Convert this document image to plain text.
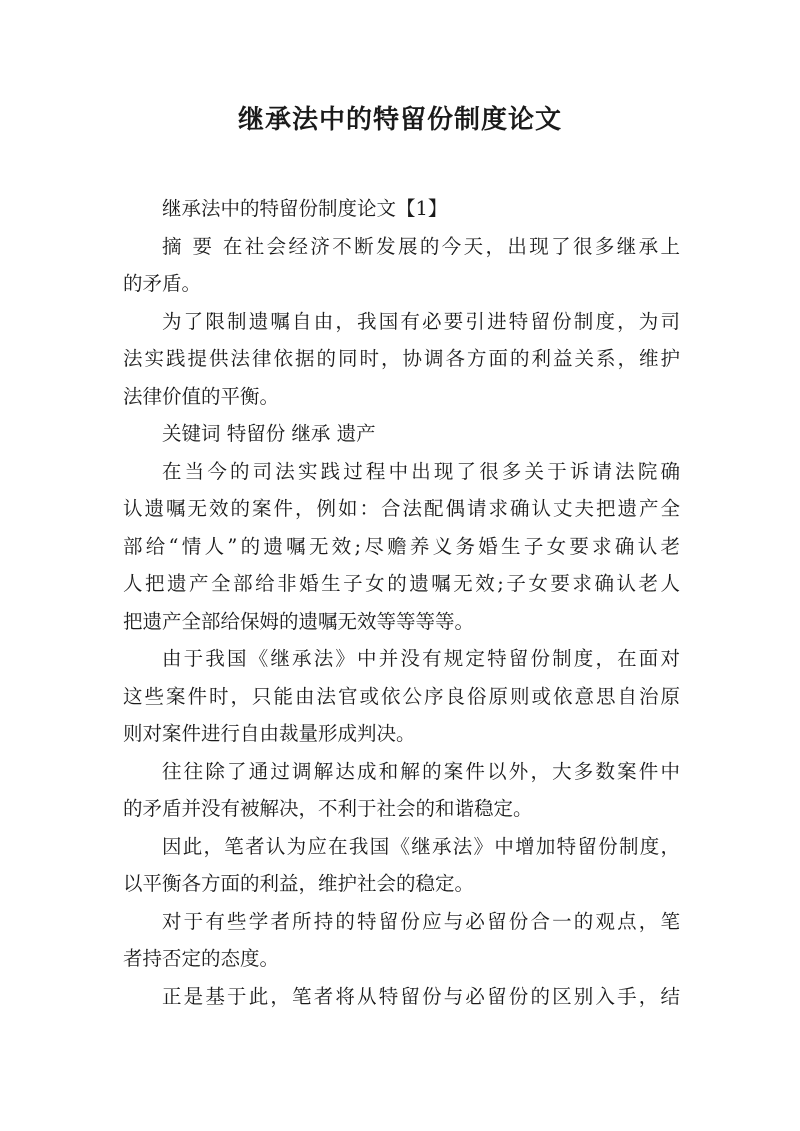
继承法中的特留份制度论文
继承法中的特留份制度论文【1】
摘 要 在社会经济不断发展的今天，出现了很多继承上
的矛盾。
为了限制遗嘱自由，我国有必要引进特留份制度，为司
法实践提供法律依据的同时，协调各方面的利益关系，维护
法律价值的平衡。
关键词 特留份 继承 遗产
在当今的司法实践过程中出现了很多关于诉请法院确
认遗嘱无效的案件，例如：合法配偶请求确认丈夫把遗产全
部给“情人”的遗嘱无效;尽赡养义务婚生子女要求确认老
人把遗产全部给非婚生子女的遗嘱无效;子女要求确认老人
把遗产全部给保姆的遗嘱无效等等等等。
由于我国《继承法》中并没有规定特留份制度，在面对
这些案件时，只能由法官或依公序良俗原则或依意思自治原
则对案件进行自由裁量形成判决。
往往除了通过调解达成和解的案件以外，大多数案件中
的矛盾并没有被解决，不利于社会的和谐稳定。
因此，笔者认为应在我国《继承法》中增加特留份制度，
以平衡各方面的利益，维护社会的稳定。
对于有些学者所持的特留份应与必留份合一的观点，笔
者持否定的态度。
正是基于此，笔者将从特留份与必留份的区别入手，结
